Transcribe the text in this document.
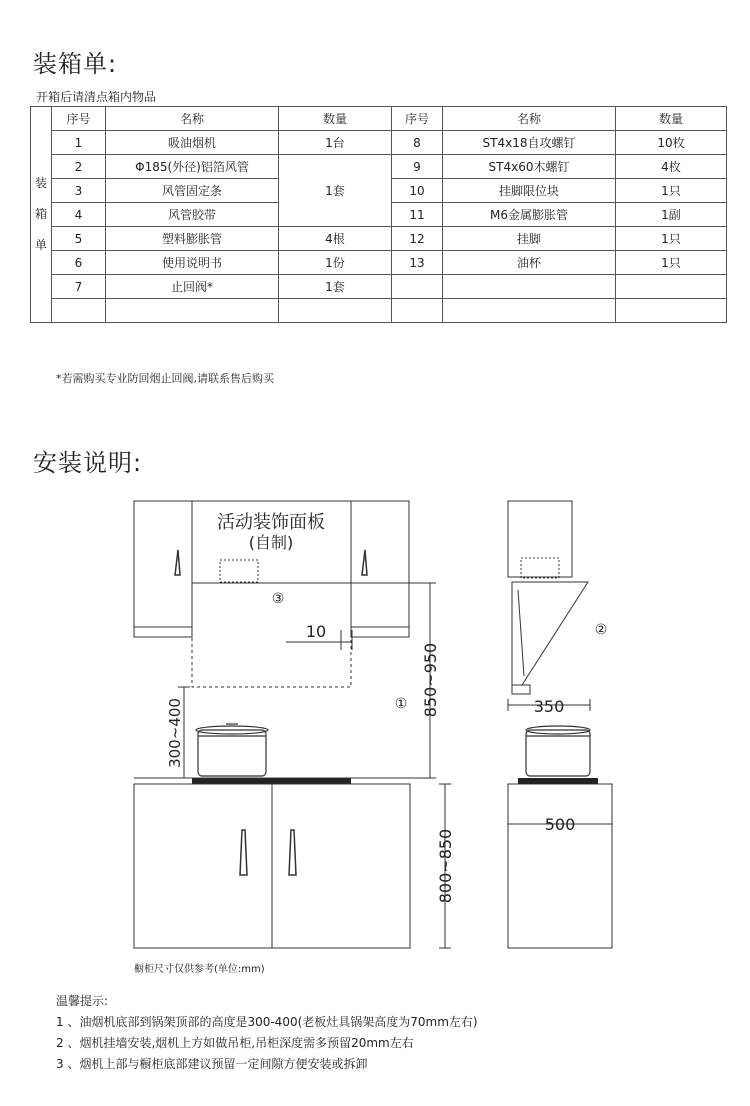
装箱单:
开箱后请清点箱内物品
装箱单	序号	名称	数量	序号	名称	数量
	1	吸油烟机	1台	8	ST4x18自攻螺钉	10枚
	2	Φ185(外径)铝箔风管	1套	9	ST4x60木螺钉	4枚
	3	风管固定条		10	挂脚限位块	1只
	4	风管胶带		11	M6金属膨胀管	1副
	5	塑料膨胀管	4根	12	挂脚	1只
	6	使用说明书	1份	13	油杯	1只
	7	止回阀*	1套			

*若需购买专业防回烟止回阀,请联系售后购买
安装说明:
活动装饰面板
(自制)
③
10
850~950
①
300~400
800~850
②
350
500
橱柜尺寸仅供参考(单位:mm)
温馨提示:
1 、油烟机底部到锅架顶部的高度是300-400(老板灶具锅架高度为70mm左右)
2 、烟机挂墙安装,烟机上方如做吊柜,吊柜深度需多预留20mm左右
3 、烟机上部与橱柜底部建议预留一定间隙方便安装或拆卸
